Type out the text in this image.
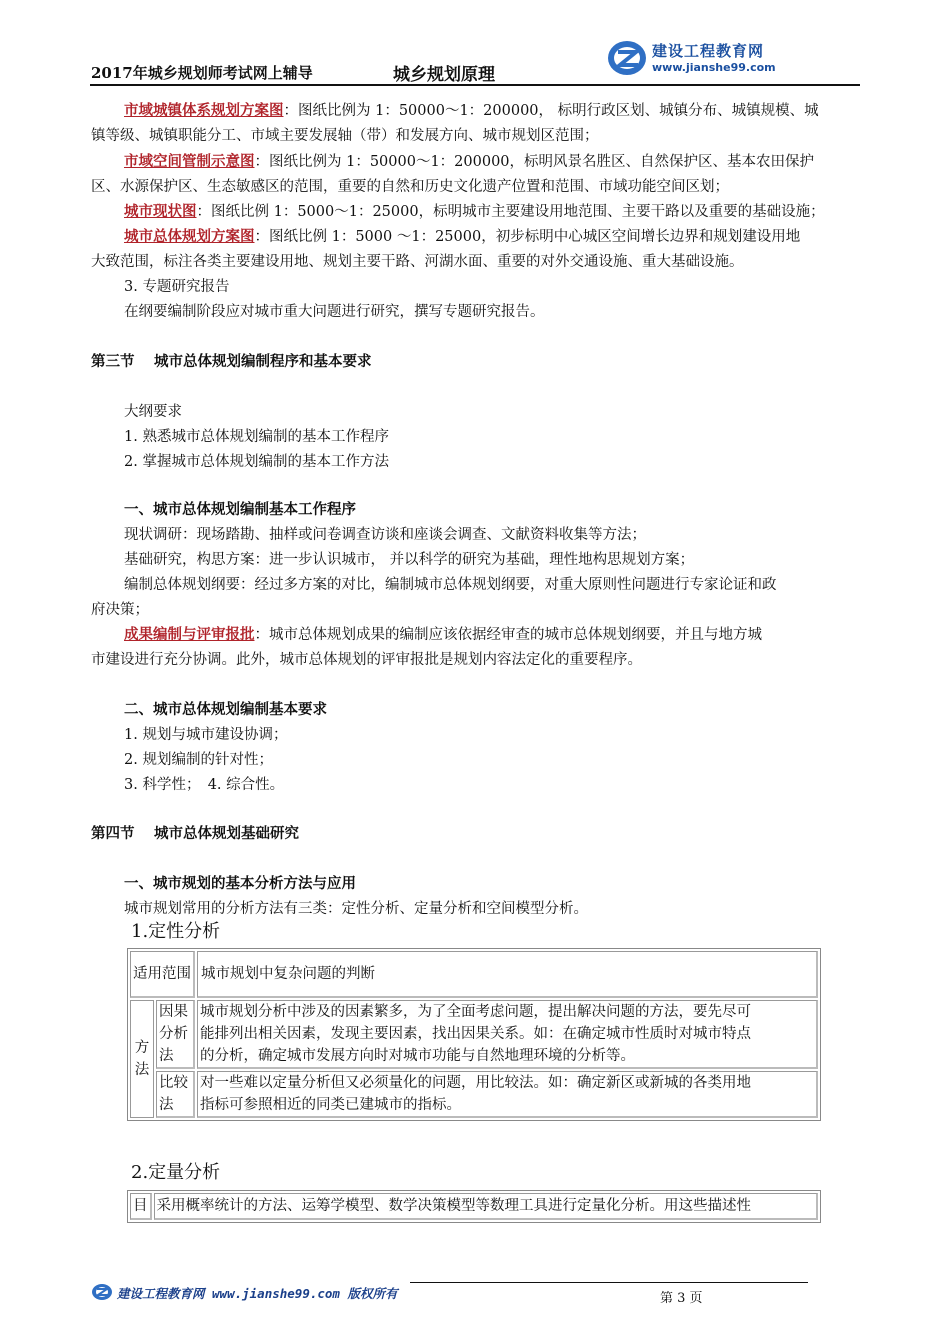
2017年城乡规划师考试网上辅导	城乡规划原理
建设工程教育网
www.jianshe99.com
市域城镇体系规划方案图：图纸比例为 1：50000～1：200000， 标明行政区划、城镇分布、城镇规模、城
镇等级、城镇职能分工、市域主要发展轴（带）和发展方向、城市规划区范围；
市域空间管制示意图：图纸比例为 1：50000～1：200000，标明风景名胜区、自然保护区、基本农田保护
区、水源保护区、生态敏感区的范围，重要的自然和历史文化遗产位置和范围、市域功能空间区划；
城市现状图：图纸比例 1：5000～1：25000，标明城市主要建设用地范围、主要干路以及重要的基础设施；
城市总体规划方案图：图纸比例 1：5000 ～1：25000，初步标明中心城区空间增长边界和规划建设用地
大致范围，标注各类主要建设用地、规划主要干路、河湖水面、重要的对外交通设施、重大基础设施。
3. 专题研究报告
在纲要编制阶段应对城市重大问题进行研究，撰写专题研究报告。
第三节　 城市总体规划编制程序和基本要求
大纲要求
1. 熟悉城市总体规划编制的基本工作程序
2. 掌握城市总体规划编制的基本工作方法
一、城市总体规划编制基本工作程序
现状调研：现场踏勘、抽样或问卷调查访谈和座谈会调查、文献资料收集等方法；
基础研究，构思方案：进一步认识城市， 并以科学的研究为基础，理性地构思规划方案；
编制总体规划纲要：经过多方案的对比，编制城市总体规划纲要，对重大原则性问题进行专家论证和政
府决策；
成果编制与评审报批：城市总体规划成果的编制应该依据经审查的城市总体规划纲要，并且与地方城
市建设进行充分协调。此外，城市总体规划的评审报批是规划内容法定化的重要程序。
二、城市总体规划编制基本要求
1. 规划与城市建设协调；
2. 规划编制的针对性；
3. 科学性；　4. 综合性。
第四节　 城市总体规划基础研究
一、城市规划的基本分析方法与应用
城市规划常用的分析方法有三类：定性分析、定量分析和空间模型分析。
1.定性分析
适用范围		城市规划中复杂问题的判断
方法	因果分析法	城市规划分析中涉及的因素繁多，为了全面考虑问题，提出解决问题的方法，要先尽可
能排列出相关因素，发现主要因素，找出因果关系。如：在确定城市性质时对城市特点
的分析，确定城市发展方向时对城市功能与自然地理环境的分析等。

	比较法	对一些难以定量分析但又必须量化的问题，用比较法。如：确定新区或新城的各类用地
指标可参照相近的同类已建城市的指标。
2.定量分析
目	采用概率统计的方法、运筹学模型、数学决策模型等数理工具进行定量化分析。用这些描述性
建设工程教育网 www.jianshe99.com 版权所有	第 3 页
